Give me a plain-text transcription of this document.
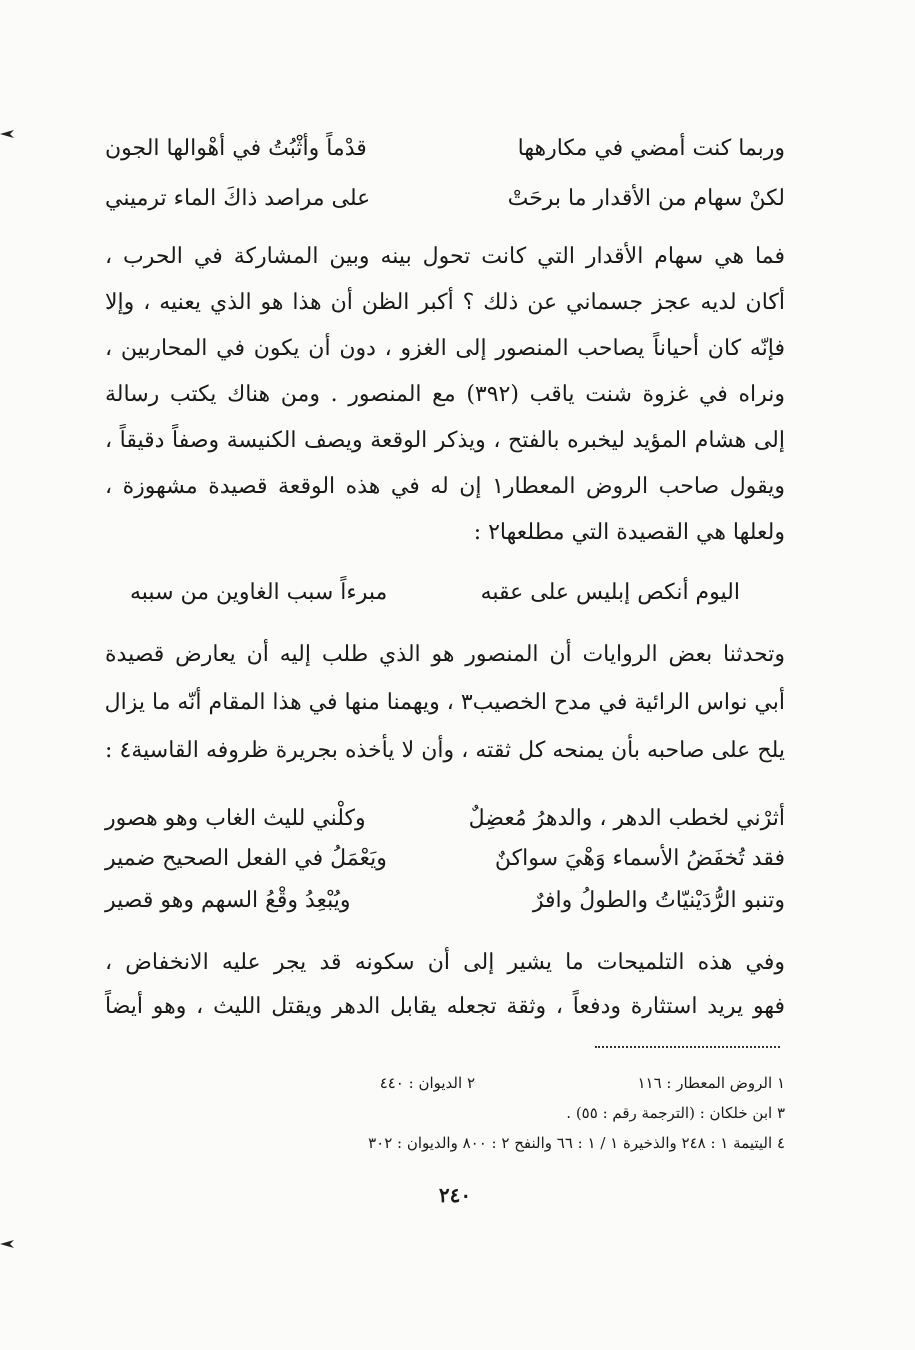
وربما كنت أمضي في مكارهها
قدْماً وأثْبُتُ في أهْوالها الجون
لكنْ سهام من الأقدار ما برحَتْ
على مراصد ذاكَ الماء ترميني
فما هي سهام الأقدار التي كانت تحول بينه وبين المشاركة في الحرب ،
أكان لديه عجز جسماني عن ذلك ؟ أكبر الظن أن هذا هو الذي يعنيه ، وإلا
فإنّه كان أحياناً يصاحب المنصور إلى الغزو ، دون أن يكون في المحاربين ،
ونراه في غزوة شنت ياقب (٣٩٢) مع المنصور . ومن هناك يكتب رسالة
إلى هشام المؤيد ليخبره بالفتح ، ويذكر الوقعة ويصف الكنيسة وصفاً دقيقاً ،
ويقول صاحب الروض المعطار١ إن له في هذه الوقعة قصيدة مشهوزة ،
ولعلها هي القصيدة التي مطلعها٢ :
اليوم أنكص إبليس على عقبه
مبرءاً سبب الغاوين من سببه
وتحدثنا بعض الروايات أن المنصور هو الذي طلب إليه أن يعارض قصيدة
أبي نواس الرائية في مدح الخصيب٣ ، ويهمنا منها في هذا المقام أنّه ما يزال
يلح على صاحبه بأن يمنحه كل ثقته ، وأن لا يأخذه بجريرة ظروفه القاسية٤ :
أثرْني لخطب الدهر ، والدهرُ مُعضِلٌ
وكلْني لليث الغاب وهو هصور
فقد تُخفَضُ الأسماء وَهْيَ سواكنٌ
ويَعْمَلُ في الفعل الصحيح ضمير
وتنبو الرُّدَيْنيّاتُ والطولُ وافرٌ
ويُبْعِدُ وقْعُ السهم وهو قصير
وفي هذه التلميحات ما يشير إلى أن سكونه قد يجر عليه الانخفاض ،
فهو يريد استثارة ودفعاً ، وثقة تجعله يقابل الدهر ويقتل الليث ، وهو أيضاً
١ الروض المعطار : ١١٦
٢ الديوان : ٤٤٠
٣ ابن خلكان : (الترجمة رقم : ٥٥) .
٤ اليتيمة ١ : ٢٤٨ والذخيرة ١ / ١ : ٦٦ والنفح ٢ : ٨٠٠ والديوان : ٣٠٢
٢٤٠
